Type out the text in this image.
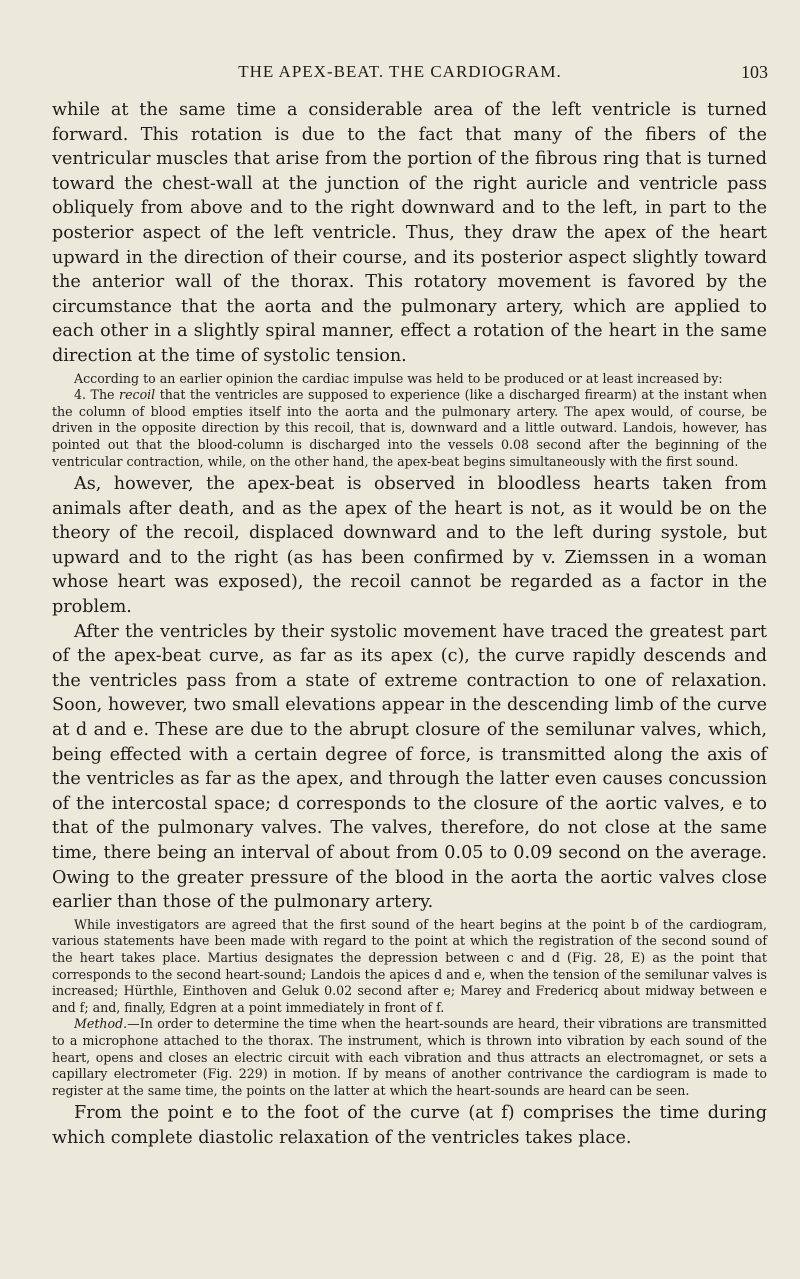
THE APEX-BEAT. THE CARDIOGRAM.	103

while at the same time a considerable area of the left ventricle is turned forward. This rotation is due to the fact that many of the fibers of the ventricular muscles that arise from the portion of the fibrous ring that is turned toward the chest-wall at the junction of the right auricle and ventricle pass obliquely from above and to the right downward and to the left, in part to the posterior aspect of the left ventricle. Thus, they draw the apex of the heart upward in the direction of their course, and its posterior aspect slightly toward the anterior wall of the thorax. This rotatory movement is favored by the circumstance that the aorta and the pulmonary artery, which are applied to each other in a slightly spiral manner, effect a rotation of the heart in the same direction at the time of systolic tension.

According to an earlier opinion the cardiac impulse was held to be produced or at least increased by:

4. The recoil that the ventricles are supposed to experience (like a discharged firearm) at the instant when the column of blood empties itself into the aorta and the pulmonary artery. The apex would, of course, be driven in the opposite direction by this recoil, that is, downward and a little outward. Landois, however, has pointed out that the blood-column is discharged into the vessels 0.08 second after the beginning of the ventricular contraction, while, on the other hand, the apex-beat begins simultaneously with the first sound.

As, however, the apex-beat is observed in bloodless hearts taken from animals after death, and as the apex of the heart is not, as it would be on the theory of the recoil, displaced downward and to the left during systole, but upward and to the right (as has been confirmed by v. Ziemssen in a woman whose heart was exposed), the recoil cannot be regarded as a factor in the problem.

After the ventricles by their systolic movement have traced the greatest part of the apex-beat curve, as far as its apex (c), the curve rapidly descends and the ventricles pass from a state of extreme contraction to one of relaxation. Soon, however, two small elevations appear in the descending limb of the curve at d and e. These are due to the abrupt closure of the semilunar valves, which, being effected with a certain degree of force, is transmitted along the axis of the ventricles as far as the apex, and through the latter even causes concussion of the intercostal space; d corresponds to the closure of the aortic valves, e to that of the pulmonary valves. The valves, therefore, do not close at the same time, there being an interval of about from 0.05 to 0.09 second on the average. Owing to the greater pressure of the blood in the aorta the aortic valves close earlier than those of the pulmonary artery.

While investigators are agreed that the first sound of the heart begins at the point b of the cardiogram, various statements have been made with regard to the point at which the registration of the second sound of the heart takes place. Martius designates the depression between c and d (Fig. 28, E) as the point that corresponds to the second heart-sound; Landois the apices d and e, when the tension of the semilunar valves is increased; Hürthle, Einthoven and Geluk 0.02 second after e; Marey and Fredericq about midway between e and f; and, finally, Edgren at a point immediately in front of f.

Method.—In order to determine the time when the heart-sounds are heard, their vibrations are transmitted to a microphone attached to the thorax. The instrument, which is thrown into vibration by each sound of the heart, opens and closes an electric circuit with each vibration and thus attracts an electromagnet, or sets a capillary electrometer (Fig. 229) in motion. If by means of another contrivance the cardiogram is made to register at the same time, the points on the latter at which the heart-sounds are heard can be seen.

From the point e to the foot of the curve (at f) comprises the time during which complete diastolic relaxation of the ventricles takes place.
